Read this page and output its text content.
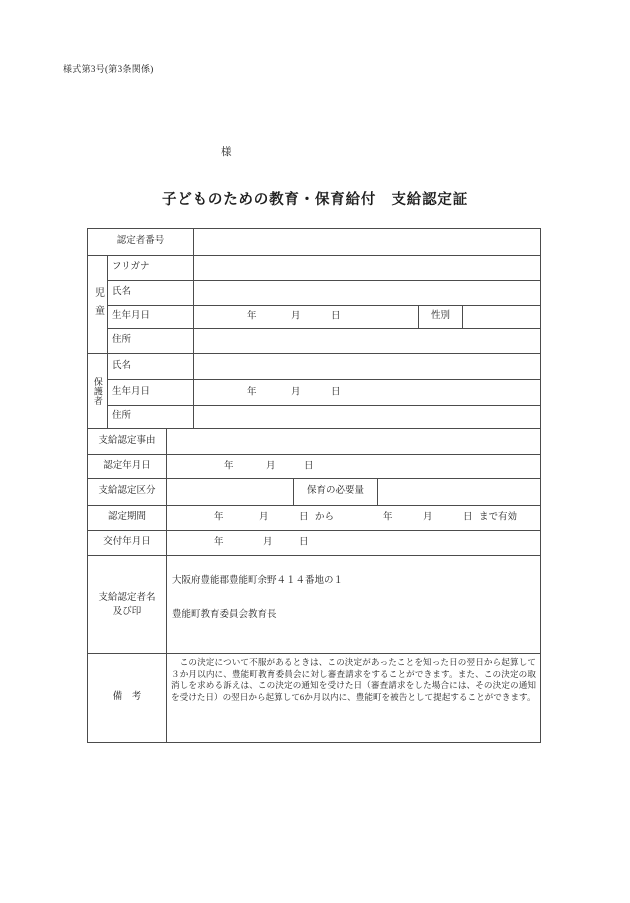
様式第3号(第3条関係)
様
子どものための教育・保育給付　支給認定証
認定者番号
児童
フリガナ
氏名
生年月日	年	月	日	性別
住所
保護者
氏名
生年月日	年	月	日
住所
支給認定事由
認定年月日	年	月	日
支給認定区分	保育の必要量
認定期間	年	月	日 から	年	月	日 まで有効
交付年月日	年	月	日
支給認定者名
及び印
大阪府豊能郡豊能町余野４１４番地の１
豊能町教育委員会教育長
備　考

　この決定について不服があるときは、この決定があったことを知った日の翌日から起算して３か月以内に、豊能町教育委員会に対し審査請求をすることができます。また、この決定の取消しを求める訴えは、この決定の通知を受けた日（審査請求をした場合には、その決定の通知を受けた日）の翌日から起算して6か月以内に、豊能町を被告として提起することができます。
